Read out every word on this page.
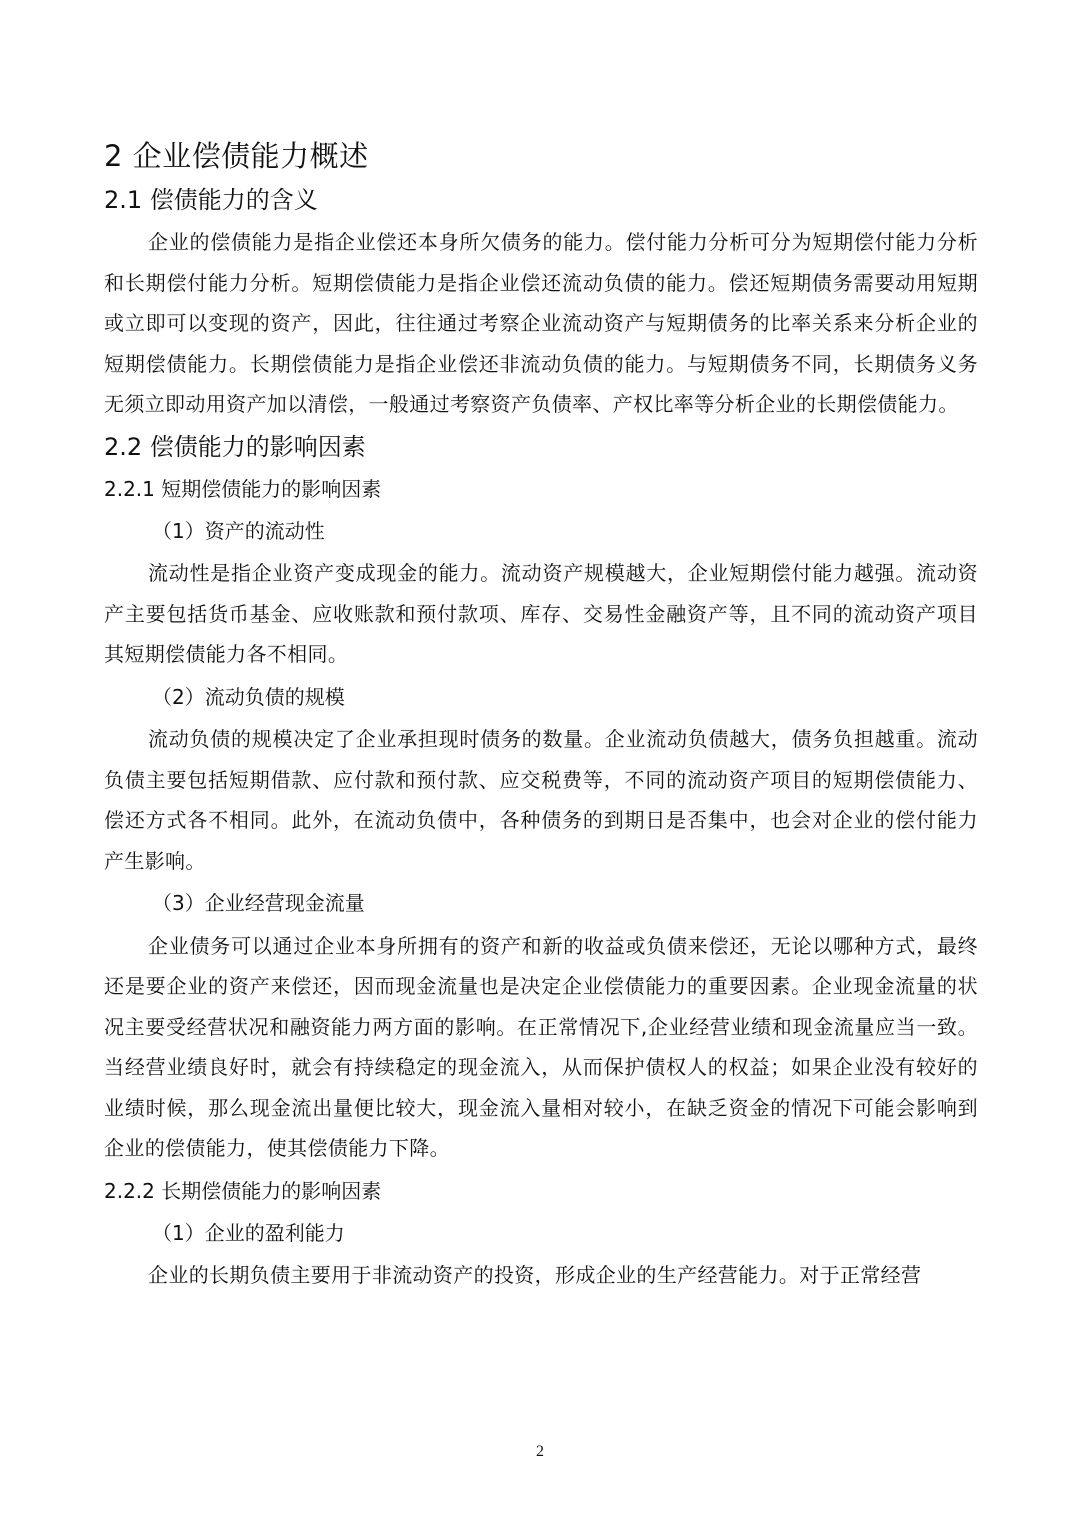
2 企业偿债能力概述
2.1 偿债能力的含义

企业的偿债能力是指企业偿还本身所欠债务的能力。偿付能力分析可分为短期偿付能力分析和长期偿付能力分析。短期偿债能力是指企业偿还流动负债的能力。偿还短期债务需要动用短期或立即可以变现的资产，因此，往往通过考察企业流动资产与短期债务的比率关系来分析企业的短期偿债能力。长期偿债能力是指企业偿还非流动负债的能力。与短期债务不同，长期债务义务无须立即动用资产加以清偿，一般通过考察资产负债率、产权比率等分析企业的长期偿债能力。

2.2 偿债能力的影响因素
2.2.1 短期偿债能力的影响因素
（1）资产的流动性

流动性是指企业资产变成现金的能力。流动资产规模越大，企业短期偿付能力越强。流动资产主要包括货币基金、应收账款和预付款项、库存、交易性金融资产等，且不同的流动资产项目其短期偿债能力各不相同。

（2）流动负债的规模

流动负债的规模决定了企业承担现时债务的数量。企业流动负债越大，债务负担越重。流动负债主要包括短期借款、应付款和预付款、应交税费等，不同的流动资产项目的短期偿债能力、偿还方式各不相同。此外，在流动负债中，各种债务的到期日是否集中，也会对企业的偿付能力产生影响。

（3）企业经营现金流量

企业债务可以通过企业本身所拥有的资产和新的收益或负债来偿还，无论以哪种方式，最终还是要企业的资产来偿还，因而现金流量也是决定企业偿债能力的重要因素。企业现金流量的状况主要受经营状况和融资能力两方面的影响。在正常情况下,企业经营业绩和现金流量应当一致。当经营业绩良好时，就会有持续稳定的现金流入，从而保护债权人的权益；如果企业没有较好的业绩时候，那么现金流出量便比较大，现金流入量相对较小，在缺乏资金的情况下可能会影响到企业的偿债能力，使其偿债能力下降。

2.2.2 长期偿债能力的影响因素
（1）企业的盈利能力

企业的长期负债主要用于非流动资产的投资，形成企业的生产经营能力。对于正常经营

2
